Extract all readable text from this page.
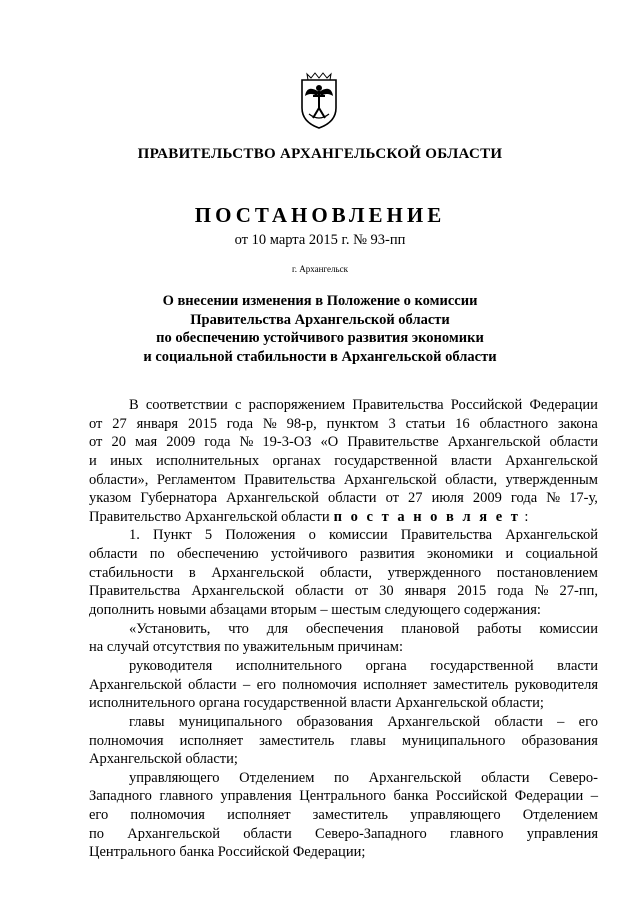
ПРАВИТЕЛЬСТВО АРХАНГЕЛЬСКОЙ ОБЛАСТИ
ПОСТАНОВЛЕНИЕ
от 10 марта 2015 г. № 93-пп
г. Архангельск
О внесении изменения в Положение о комиссии
Правительства Архангельской области
по обеспечению устойчивого развития экономики
и социальной стабильности в Архангельской области
В соответствии с распоряжением Правительства Российской Федерации
от 27 января 2015 года № 98-р, пунктом 3 статьи 16 областного закона
от 20 мая 2009 года № 19-3-ОЗ «О Правительстве Архангельской области
и иных исполнительных органах государственной власти Архангельской
области», Регламентом Правительства Архангельской области, утвержденным
указом Губернатора Архангельской области от 27 июля 2009 года № 17-у,
Правительство Архангельской области п о с т а н о в л я е т :
1. Пункт 5 Положения о комиссии Правительства Архангельской
области по обеспечению устойчивого развития экономики и социальной
стабильности в Архангельской области, утвержденного постановлением
Правительства Архангельской области от 30 января 2015 года № 27-пп,
дополнить новыми абзацами вторым – шестым следующего содержания:
«Установить, что для обеспечения плановой работы комиссии
на случай отсутствия по уважительным причинам:
руководителя исполнительного органа государственной власти
Архангельской области – его полномочия исполняет заместитель руководителя
исполнительного органа государственной власти Архангельской области;
главы муниципального образования Архангельской области – его
полномочия исполняет заместитель главы муниципального образования
Архангельской области;
управляющего Отделением по Архангельской области Северо-
Западного главного управления Центрального банка Российской Федерации –
его полномочия исполняет заместитель управляющего Отделением
по Архангельской области Северо-Западного главного управления
Центрального банка Российской Федерации;
